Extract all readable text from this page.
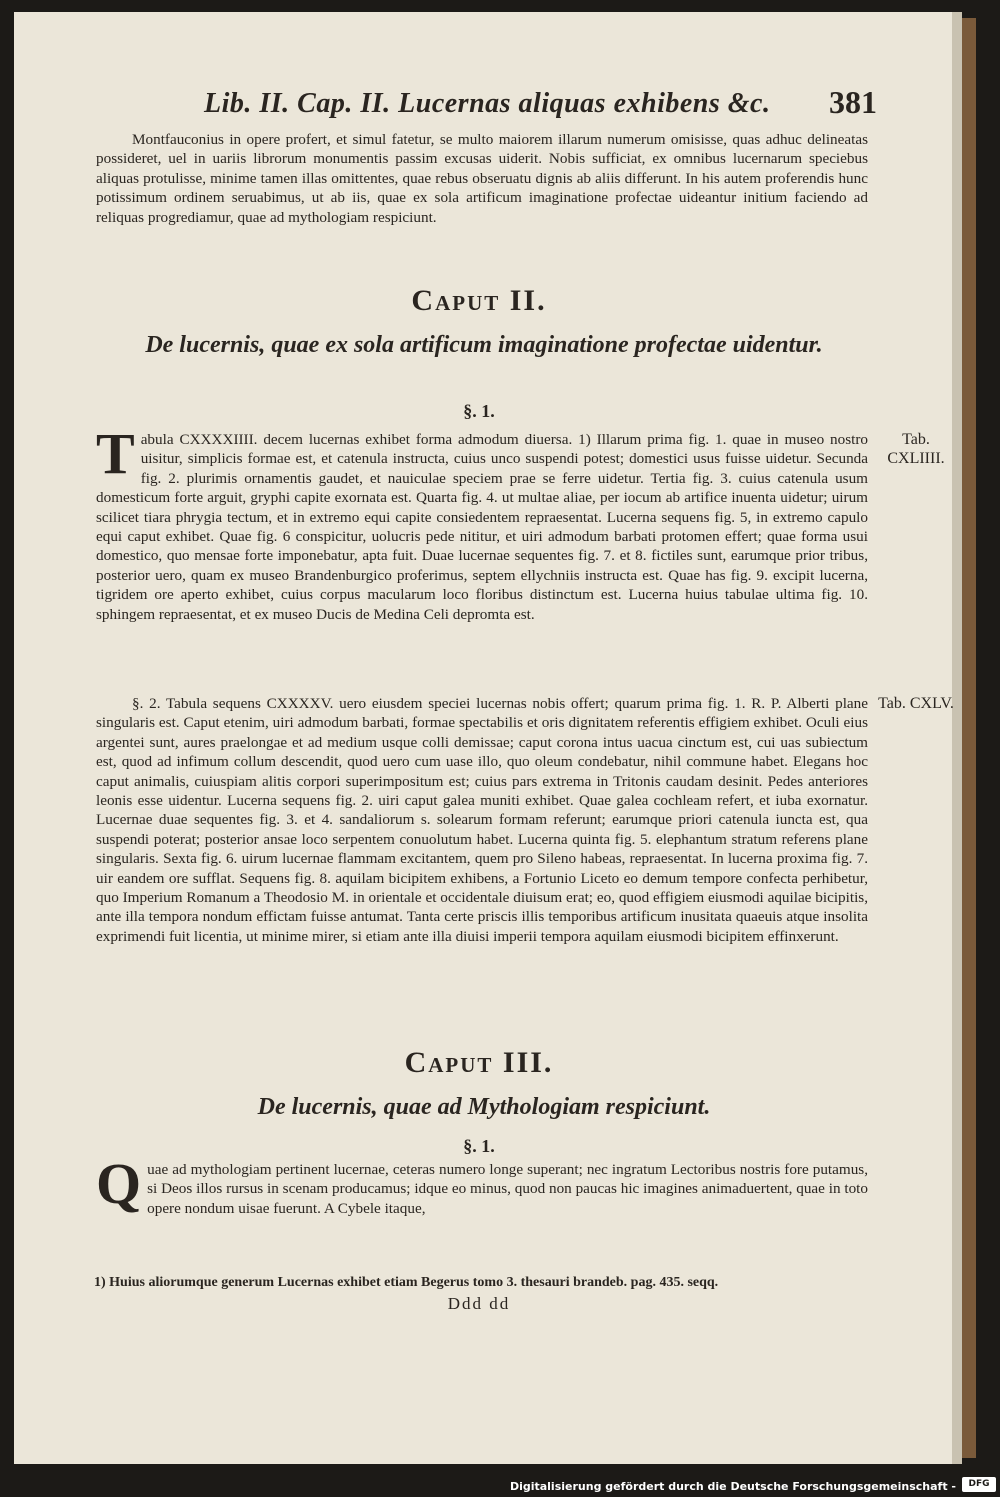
Lib. II. Cap. II. Lucernas aliquas exhibens &c. 381

Montfauconius in opere profert, et simul fatetur, se multo maiorem illarum numerum omisisse, quas adhuc delineatas possideret, uel in uariis librorum monumentis passim excusas uiderit. Nobis sufficiat, ex omnibus lucernarum speciebus aliquas protulisse, minime tamen illas omittentes, quae rebus obseruatu dignis ab aliis differunt. In his autem proferendis hunc potissimum ordinem seruabimus, ut ab iis, quae ex sola artificum imaginatione profectae uideantur initium faciendo ad reliquas progrediamur, quae ad mythologiam respiciunt.

Caput II.
De lucernis, quae ex sola artificum imaginatione profectae uidentur.
§. 1.
T abula CXXXXIIII. decem lucernas exhibet forma admodum diuersa. 1) Illarum prima fig. 1. quae in museo nostro uisitur, simplicis formae est, et catenula instructa, cuius unco suspendi potest; domestici usus fuisse uidetur. Secunda fig. 2. plurimis ornamentis gaudet, et nauiculae speciem prae se ferre uidetur. Tertia fig. 3. cuius catenula usum domesticum forte arguit, gryphi capite exornata est. Quarta fig. 4. ut multae aliae, per iocum ab artifice inuenta uidetur; uirum scilicet tiara phrygia tectum, et in extremo equi capite consiedentem repraesentat. Lucerna sequens fig. 5, in extremo capulo equi caput exhibet. Quae fig. 6 conspicitur, uolucris pede nititur, et uiri admodum barbati protomen effert; quae forma usui domestico, quo mensae forte imponebatur, apta fuit. Duae lucernae sequentes fig. 7. et 8. fictiles sunt, earumque prior tribus, posterior uero, quam ex museo Brandenburgico proferimus, septem ellychniis instructa est. Quae has fig. 9. excipit lucerna, tigridem ore aperto exhibet, cuius corpus macularum loco floribus distinctum est. Lucerna huius tabulae ultima fig. 10. sphingem repraesentat, et ex museo Ducis de Medina Celi depromta est.

Tab. CXLIIII.

§. 2. Tabula sequens CXXXXV. uero eiusdem speciei lucernas nobis offert; quarum prima fig. 1. R. P. Alberti plane singularis est. Caput etenim, uiri admodum barbati, formae spectabilis et oris dignitatem referentis effigiem exhibet. Oculi eius argentei sunt, aures praelongae et ad medium usque colli demissae; caput corona intus uacua cinctum est, cui uas subiectum est, quod ad infimum collum descendit, quod uero cum uase illo, quo oleum condebatur, nihil commune habet. Elegans hoc caput animalis, cuiuspiam alitis corpori superimpositum est; cuius pars extrema in Tritonis caudam desinit. Pedes anteriores leonis esse uidentur. Lucerna sequens fig. 2. uiri caput galea muniti exhibet. Quae galea cochleam refert, et iuba exornatur. Lucernae duae sequentes fig. 3. et 4. sandaliorum s. solearum formam referunt; earumque priori catenula iuncta est, qua suspendi poterat; posterior ansae loco serpentem conuolutum habet. Lucerna quinta fig. 5. elephantum stratum referens plane singularis. Sexta fig. 6. uirum lucernae flammam excitantem, quem pro Sileno habeas, repraesentat. In lucerna proxima fig. 7. uir eandem ore sufflat. Sequens fig. 8. aquilam bicipitem exhibens, a Fortunio Liceto eo demum tempore confecta perhibetur, quo Imperium Romanum a Theodosio M. in orientale et occidentale diuisum erat; eo, quod effigiem eiusmodi aquilae bicipitis, ante illa tempora nondum effictam fuisse antumat. Tanta certe priscis illis temporibus artificum inusitata quaeuis atque insolita exprimendi fuit licentia, ut minime mirer, si etiam ante illa diuisi imperii tempora aquilam eiusmodi bicipitem effinxerunt.

Tab. CXLV.
Caput III.
De lucernis, quae ad Mythologiam respiciunt.
§. 1.
Q uae ad mythologiam pertinent lucernae, ceteras numero longe superant; nec ingratum Lectoribus nostris fore putamus, si Deos illos rursus in scenam producamus; idque eo minus, quod non paucas hic imagines animaduertent, quae in toto opere nondum uisae fuerunt. A Cybele itaque,

1) Huius aliorumque generum Lucernas exhibet etiam Begerus tomo 3. thesauri brandeb. pag. 435. seqq.
Ddd dd
Digitalisierung gefördert durch die Deutsche Forschungsgemeinschaft -	DFG
